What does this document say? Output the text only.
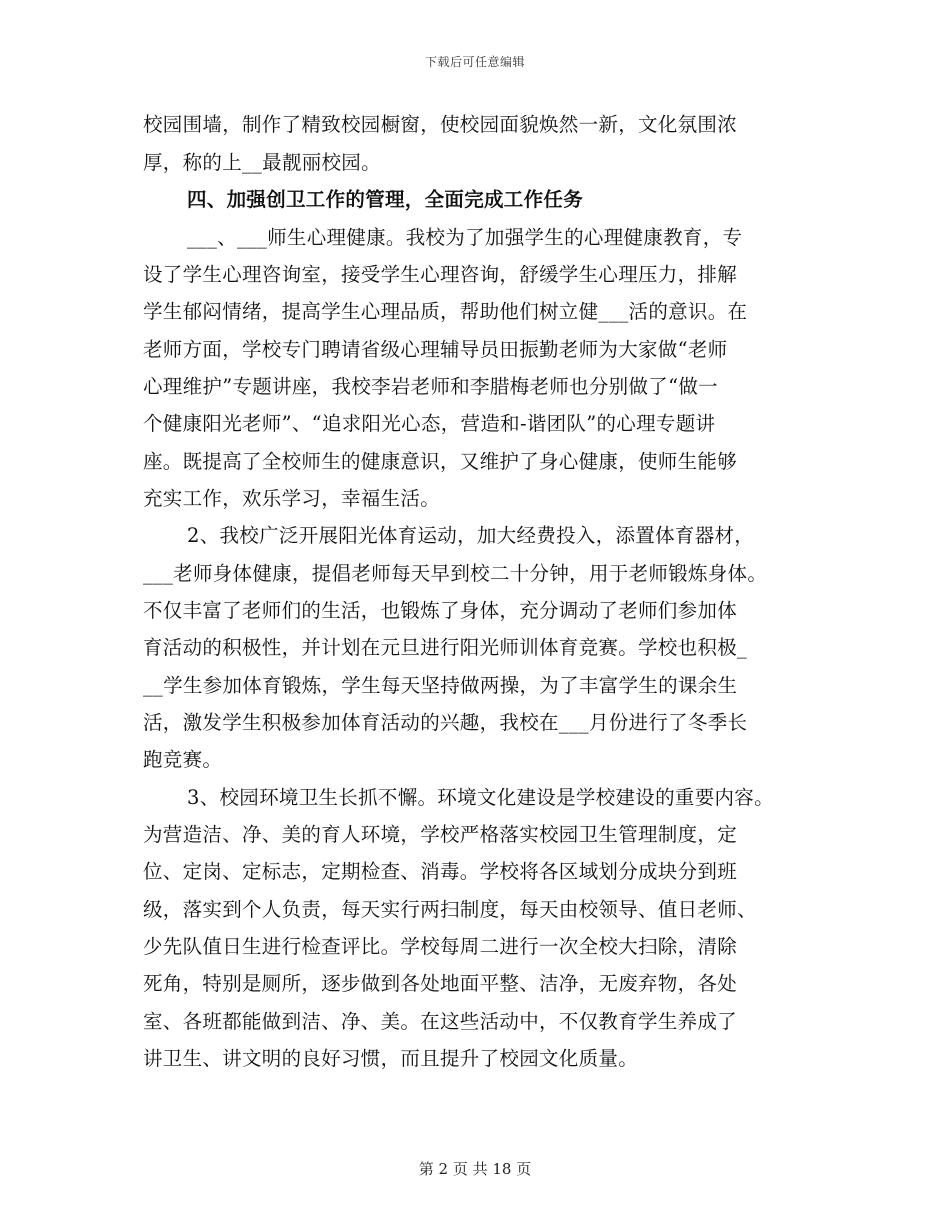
下载后可任意编辑
校园围墙，制作了精致校园橱窗，使校园面貌焕然一新，文化氛围浓
厚，称的上__最靓丽校园。
四、加强创卫工作的管理，全面完成工作任务
___、___师生心理健康。我校为了加强学生的心理健康教育，专
设了学生心理咨询室，接受学生心理咨询，舒缓学生心理压力，排解
学生郁闷情绪，提高学生心理品质，帮助他们树立健___活的意识。在
老师方面，学校专门聘请省级心理辅导员田振勤老师为大家做“老师
心理维护”专题讲座，我校李岩老师和李腊梅老师也分别做了“做一
个健康阳光老师”、“追求阳光心态，营造和-谐团队”的心理专题讲
座。既提高了全校师生的健康意识，又维护了身心健康，使师生能够
充实工作，欢乐学习，幸福生活。
2、我校广泛开展阳光体育运动，加大经费投入，添置体育器材，
___老师身体健康，提倡老师每天早到校二十分钟，用于老师锻炼身体。
不仅丰富了老师们的生活，也锻炼了身体，充分调动了老师们参加体
育活动的积极性，并计划在元旦进行阳光师训体育竞赛。学校也积极_
__学生参加体育锻炼，学生每天坚持做两操，为了丰富学生的课余生
活，激发学生积极参加体育活动的兴趣，我校在___月份进行了冬季长
跑竞赛。
3、校园环境卫生长抓不懈。环境文化建设是学校建设的重要内容。
为营造洁、净、美的育人环境，学校严格落实校园卫生管理制度，定
位、定岗、定标志，定期检查、消毒。学校将各区域划分成块分到班
级，落实到个人负责，每天实行两扫制度，每天由校领导、值日老师、
少先队值日生进行检查评比。学校每周二进行一次全校大扫除，清除
死角，特别是厕所，逐步做到各处地面平整、洁净，无废弃物，各处
室、各班都能做到洁、净、美。在这些活动中，不仅教育学生养成了
讲卫生、讲文明的良好习惯，而且提升了校园文化质量。
第 2 页 共 18 页
